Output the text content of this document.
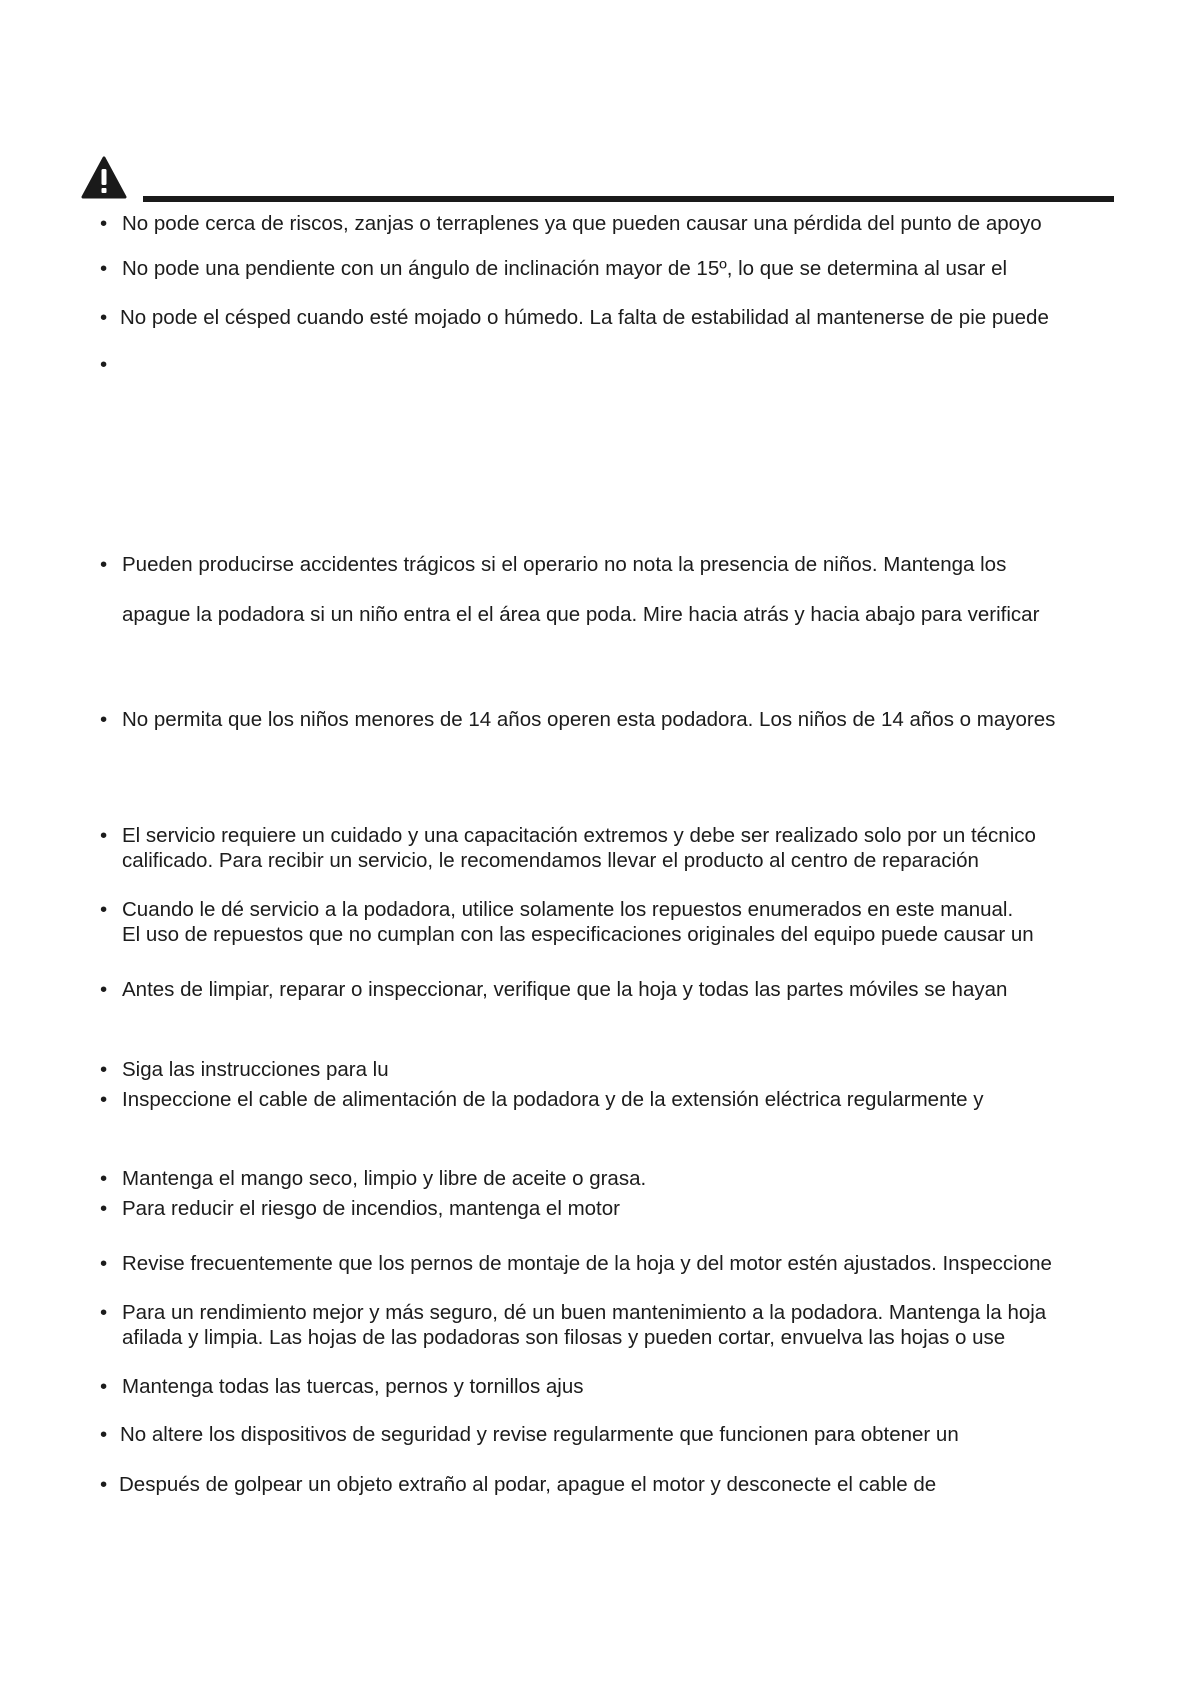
• No pode cerca de riscos, zanjas o terraplenes ya que pueden causar una pérdida del punto de apoyo
• No pode una pendiente con un ángulo de inclinación mayor de 15º, lo que se determina al usar el
• No pode el césped cuando esté mojado o húmedo. La falta de estabilidad al mantenerse de pie puede
•
• Pueden producirse accidentes trágicos si el operario no nota la presencia de niños. Mantenga los
apague la podadora si un niño entra el el área que poda. Mire hacia atrás y hacia abajo para verificar
• No permita que los niños menores de 14 años operen esta podadora. Los niños de 14 años o mayores
• El servicio requiere un cuidado y una capacitación extremos y debe ser realizado solo por un técnico
calificado. Para recibir un servicio, le recomendamos llevar el producto al centro de reparación
• Cuando le dé servicio a la podadora, utilice solamente los repuestos enumerados en este manual.
El uso de repuestos que no cumplan con las especificaciones originales del equipo puede causar un
• Antes de limpiar, reparar o inspeccionar, verifique que la hoja y todas las partes móviles se hayan
• Siga las instrucciones para lu
• Inspeccione el cable de alimentación de la podadora y de la extensión eléctrica regularmente y
• Mantenga el mango seco, limpio y libre de aceite o grasa.
• Para reducir el riesgo de incendios, mantenga el motor
• Revise frecuentemente que los pernos de montaje de la hoja y del motor estén ajustados. Inspeccione
• Para un rendimiento mejor y más seguro, dé un buen mantenimiento a la podadora. Mantenga la hoja
afilada y limpia. Las hojas de las podadoras son filosas y pueden cortar, envuelva las hojas o use
• Mantenga todas las tuercas, pernos y tornillos ajus
• No altere los dispositivos de seguridad y revise regularmente que funcionen para obtener un
• Después de golpear un objeto extraño al podar, apague el motor y desconecte el cable de
